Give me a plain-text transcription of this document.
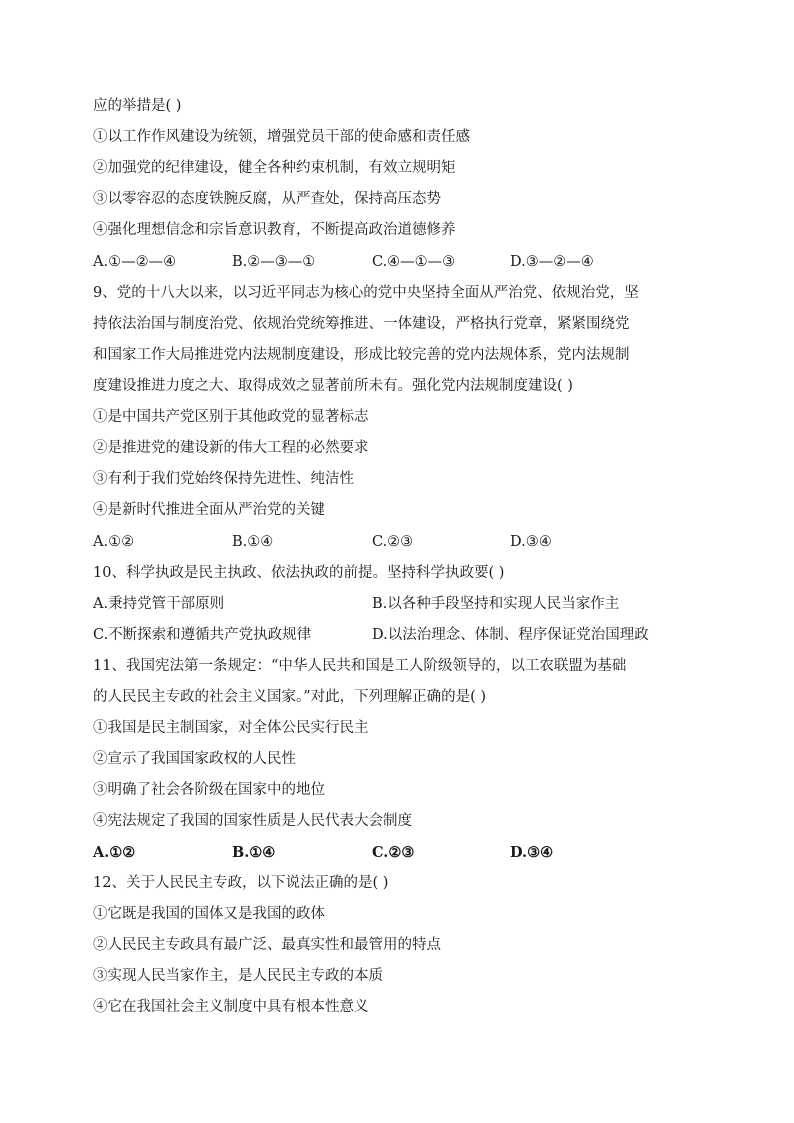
应的举措是( )
①以工作作风建设为统领，增强党员干部的使命感和责任感
②加强党的纪律建设，健全各种约束机制，有效立规明矩
③以零容忍的态度铁腕反腐，从严查处，保持高压态势
④强化理想信念和宗旨意识教育，不断提高政治道德修养
A.①—②—④	B.②—③—①	C.④—①—③	D.③—②—④
9、党的十八大以来，以习近平同志为核心的党中央坚持全面从严治党、依规治党，坚
持依法治国与制度治党、依规治党统筹推进、一体建设，严格执行党章，紧紧围绕党
和国家工作大局推进党内法规制度建设，形成比较完善的党内法规体系，党内法规制
度建设推进力度之大、取得成效之显著前所未有。强化党内法规制度建设( )
①是中国共产党区别于其他政党的显著标志
②是推进党的建设新的伟大工程的必然要求
③有利于我们党始终保持先进性、纯洁性
④是新时代推进全面从严治党的关键
A.①②	B.①④	C.②③	D.③④
10、科学执政是民主执政、依法执政的前提。坚持科学执政要( )
A.秉持党管干部原则	B.以各种手段坚持和实现人民当家作主
C.不断探索和遵循共产党执政规律	D.以法治理念、体制、程序保证党治国理政
11、我国宪法第一条规定：“中华人民共和国是工人阶级领导的，以工农联盟为基础
的人民民主专政的社会主义国家。”对此，下列理解正确的是( )
①我国是民主制国家，对全体公民实行民主
②宣示了我国国家政权的人民性
③明确了社会各阶级在国家中的地位
④宪法规定了我国的国家性质是人民代表大会制度
A.①②	B.①④	C.②③	D.③④
12、关于人民民主专政，以下说法正确的是( )
①它既是我国的国体又是我国的政体
②人民民主专政具有最广泛、最真实性和最管用的特点
③实现人民当家作主，是人民民主专政的本质
④它在我国社会主义制度中具有根本性意义
